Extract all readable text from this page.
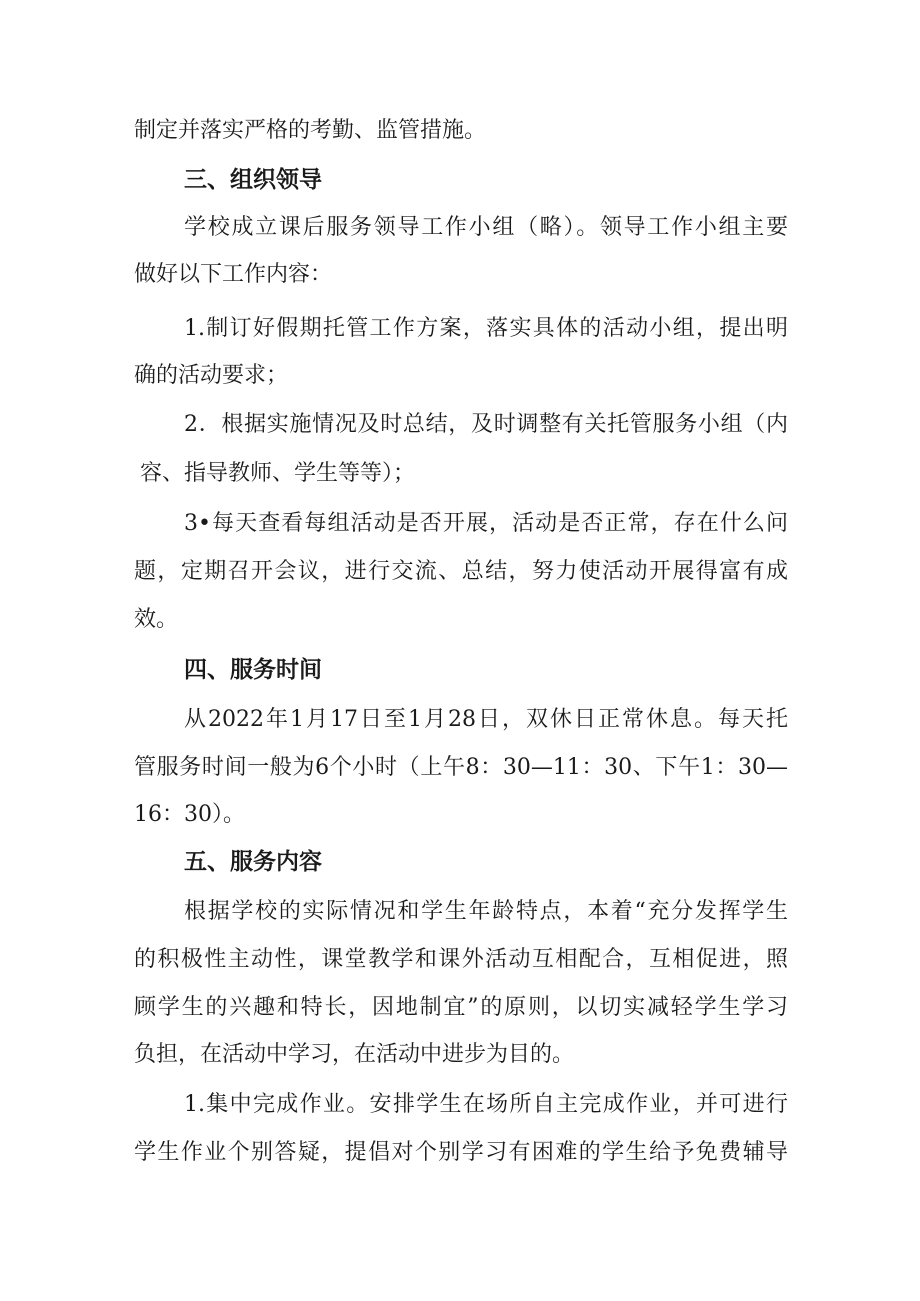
制定并落实严格的考勤、监管措施。
三、组织领导
学校成立课后服务领导工作小组（略）。领导工作小组主要
做好以下工作内容：
1.制订好假期托管工作方案，落实具体的活动小组，提出明
确的活动要求；
2．根据实施情况及时总结，及时调整有关托管服务小组（内
容、指导教师、学生等等）；
3•每天查看每组活动是否开展，活动是否正常，存在什么问
题，定期召开会议，进行交流、总结，努力使活动开展得富有成
效。
四、服务时间
从2022年1月17日至1月28日，双休日正常休息。每天托
管服务时间一般为6个小时（上午8：30—11：30、下午1：30—
16：30）。
五、服务内容
根据学校的实际情况和学生年龄特点，本着“充分发挥学生
的积极性主动性，课堂教学和课外活动互相配合，互相促进，照
顾学生的兴趣和特长，因地制宜”的原则，以切实减轻学生学习
负担，在活动中学习，在活动中进步为目的。
1.集中完成作业。安排学生在场所自主完成作业，并可进行
学生作业个别答疑，提倡对个别学习有困难的学生给予免费辅导
